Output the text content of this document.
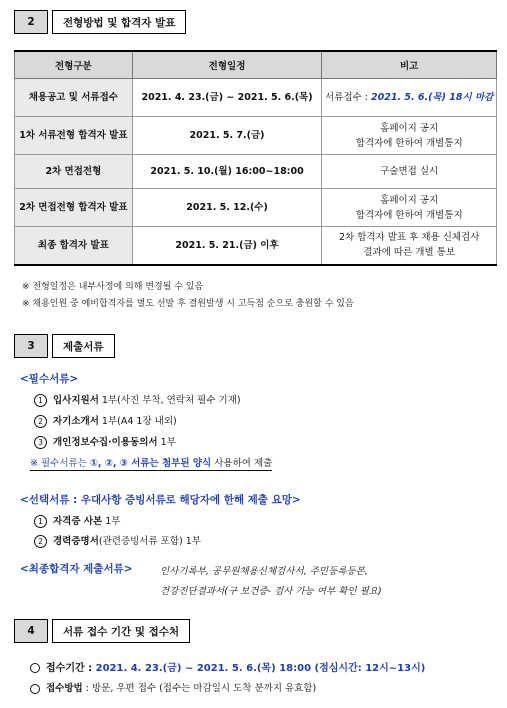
2	전형방법 및 합격자 발표
전형구분	전형일정	비고
채용공고 및 서류접수	2021. 4. 23.(금) ~ 2021. 5. 6.(목)	서류접수 : 2021. 5. 6.(목) 18시 마감
1차 서류전형 합격자 발표	2021. 5. 7.(금)	홈페이지 공지
합격자에 한하여 개별통지

2차 면접전형	2021. 5. 10.(월) 16:00~18:00	구술면접 실시
2차 면접전형 합격자 발표	2021. 5. 12.(수)	홈페이지 공지
합격자에 한하여 개별통지

최종 합격자 발표	2021. 5. 21.(금) 이후	2차 합격자 발표 후 채용 신체검사
결과에 따른 개별 통보
※ 전형일정은 내부사정에 의해 변경될 수 있음
※ 채용인원 중 예비합격자를 별도 선발 후 결원발생 시 고득점 순으로 충원할 수 있음
3	제출서류
<필수서류>
1 입사지원서 1부(사진 부착, 연락처 필수 기재)
2 자기소개서 1부(A4 1장 내외)
3 개인정보수집·이용동의서 1부
※ 필수서류는 ①, ②, ③ 서류는 첨부된 양식 사용하여 제출
<선택서류 : 우대사항 증빙서류로 해당자에 한해 제출 요망>
1 자격증 사본 1부
2 경력증명서(관련증빙서류 포함) 1부
<최종합격자 제출서류>	인사기록부, 공무원채용신체검사서, 주민등록등본,
건강진단결과서(구 보건증- 검사 가능 여부 확인 필요)
4	서류 접수 기간 및 접수처
접수기간 : 2021. 4. 23.(금) ~ 2021. 5. 6.(목) 18:00 (점심시간: 12시~13시)
접수방법 : 방문, 우편 접수 (접수는 마감일시 도착 분까지 유효함)
